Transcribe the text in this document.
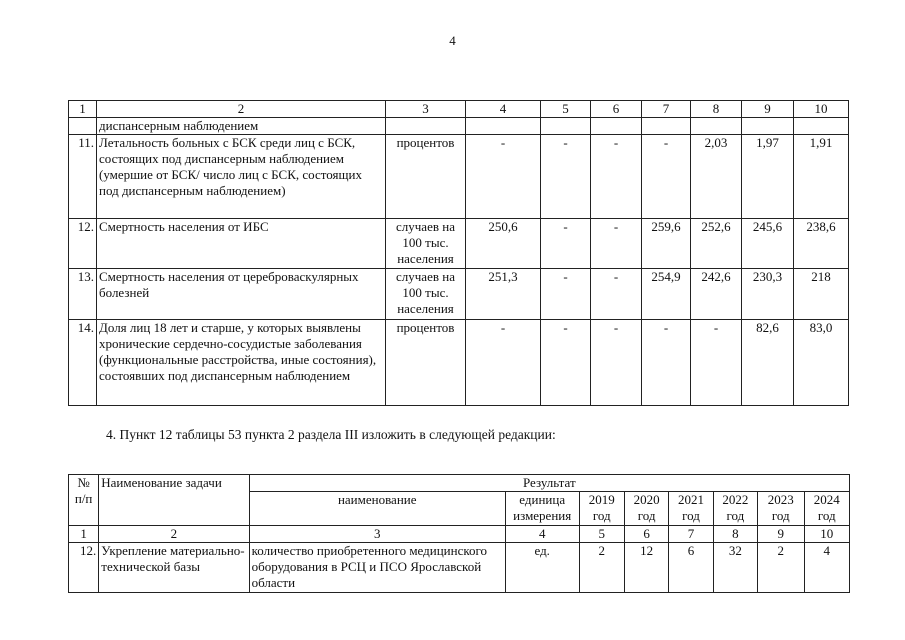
4
1	2	3	4	5	6	7	8	9	10
	диспансерным наблюдением								
11.	Летальность больных с БСК среди лиц с БСК, состоящих под диспансерным наблюдением (умершие от БСК/ число лиц с БСК, состоящих под диспансерным наблюдением)	процентов	-	-	-	-	2,03	1,97	1,91
12.	Смертность населения от ИБС	случаев на 100 тыс. населения	250,6	-	-	259,6	252,6	245,6	238,6
13.	Смертность населения от цереброваскулярных болезней	случаев на 100 тыс. населения	251,3	-	-	254,9	242,6	230,3	218
14.	Доля лиц 18 лет и старше, у которых выявлены хронические сердечно-сосудистые заболевания (функциональные расстройства, иные состояния), состоявших под диспансерным наблюдением	процентов	-	-	-	-	-	82,6	83,0
4. Пункт 12 таблицы 53 пункта 2 раздела III изложить в следующей редакции:
№ п/п	Наименование задачи	Результат							
		наименование	единица измерения	2019 год	2020 год	2021 год	2022 год	2023 год	2024 год
1	2	3	4	5	6	7	8	9	10
12.	Укрепление материально-технической базы	количество приобретенного медицинского оборудования в РСЦ и ПСО Ярославской области	ед.	2	12	6	32	2	4
